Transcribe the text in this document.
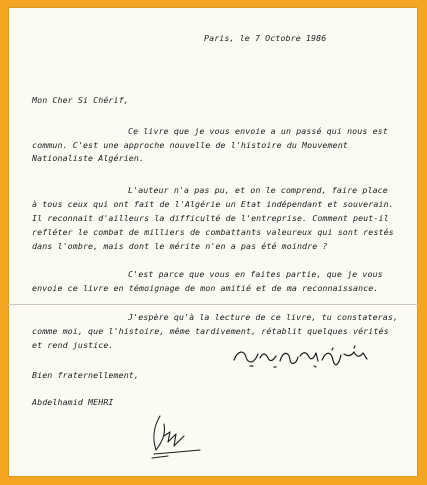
Paris, le 7 Octobre 1986
Mon Cher Si Chérif,
Ce livre que je vous envoie a un passé qui nous est
commun. C'est une approche nouvelle de l'histoire du Mouvement
Nationaliste Algérien.
L'auteur n'a pas pu, et on le comprend, faire place
à tous ceux qui ont fait de l'Algérie un Etat indépendant et souverain.
Il reconnait d'ailleurs la difficulté de l'entreprise. Comment peut-il
refléter le combat de milliers de combattants valeureux qui sont restés
dans l'ombre, mais dont le mérite n'en a pas été moindre ?
C'est parce que vous en faites partie, que je vous
envoie ce livre en témoignage de mon amitié et de ma reconnaissance.
J'espère qu'à la lecture de ce livre, tu constateras,
comme moi, que l'histoire, même tardivement, rétablit quelques vérités
et rend justice.
Bien fraternellement,
Abdelhamid MEHRI
